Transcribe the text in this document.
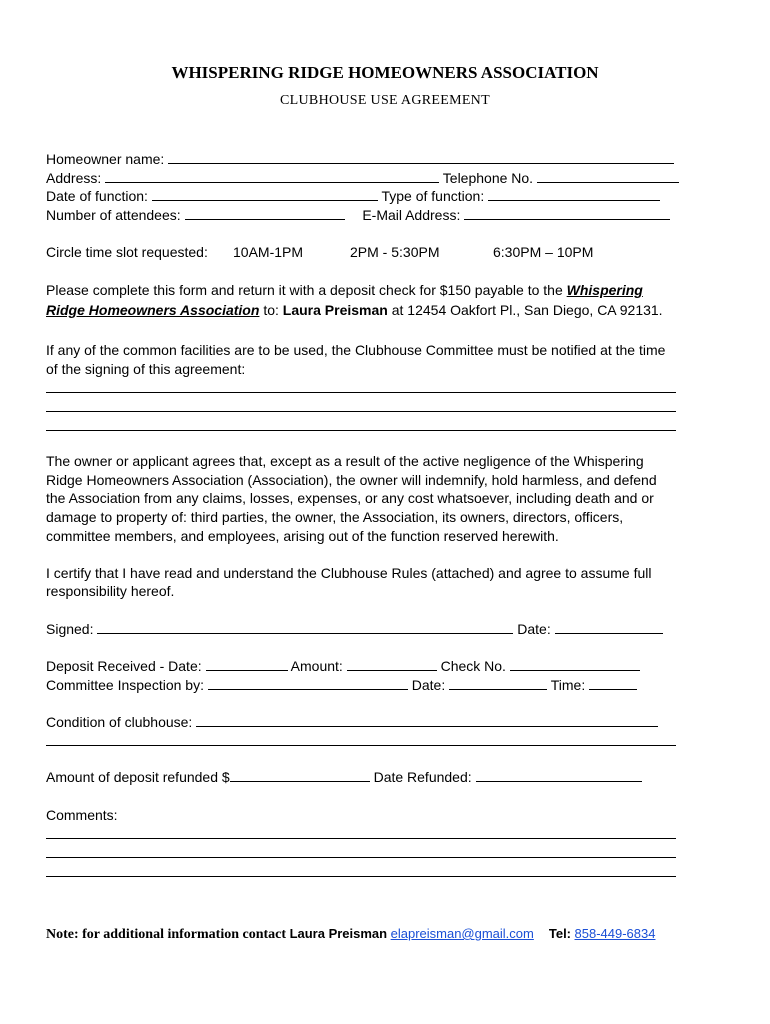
WHISPERING RIDGE HOMEOWNERS ASSOCIATION
CLUBHOUSE USE AGREEMENT
Homeowner name:
Address:	Telephone No.
Date of function:	Type of function:
Number of attendees:	E-Mail Address:
Circle time slot requested: 10AM-1PM	2PM - 5:30PM	6:30PM – 10PM
Please complete this form and return it with a deposit check for $150 payable to the Whispering
Ridge Homeowners Association to: Laura Preisman at 12454 Oakfort Pl., San Diego, CA 92131.
If any of the common facilities are to be used, the Clubhouse Committee must be notified at the time
of the signing of this agreement:
The owner or applicant agrees that, except as a result of the active negligence of the Whispering
Ridge Homeowners Association (Association), the owner will indemnify, hold harmless, and defend
the Association from any claims, losses, expenses, or any cost whatsoever, including death and or
damage to property of: third parties, the owner, the Association, its owners, directors, officers,
committee members, and employees, arising out of the function reserved herewith.
I certify that I have read and understand the Clubhouse Rules (attached) and agree to assume full
responsibility hereof.
Signed:	Date:
Deposit Received - Date:	Amount:	Check No.
Committee Inspection by:	Date:	Time:
Condition of clubhouse:
Amount of deposit refunded $	Date Refunded:
Comments:
Note: for additional information contact Laura Preisman elapreisman@gmail.com Tel: 858-449-6834
